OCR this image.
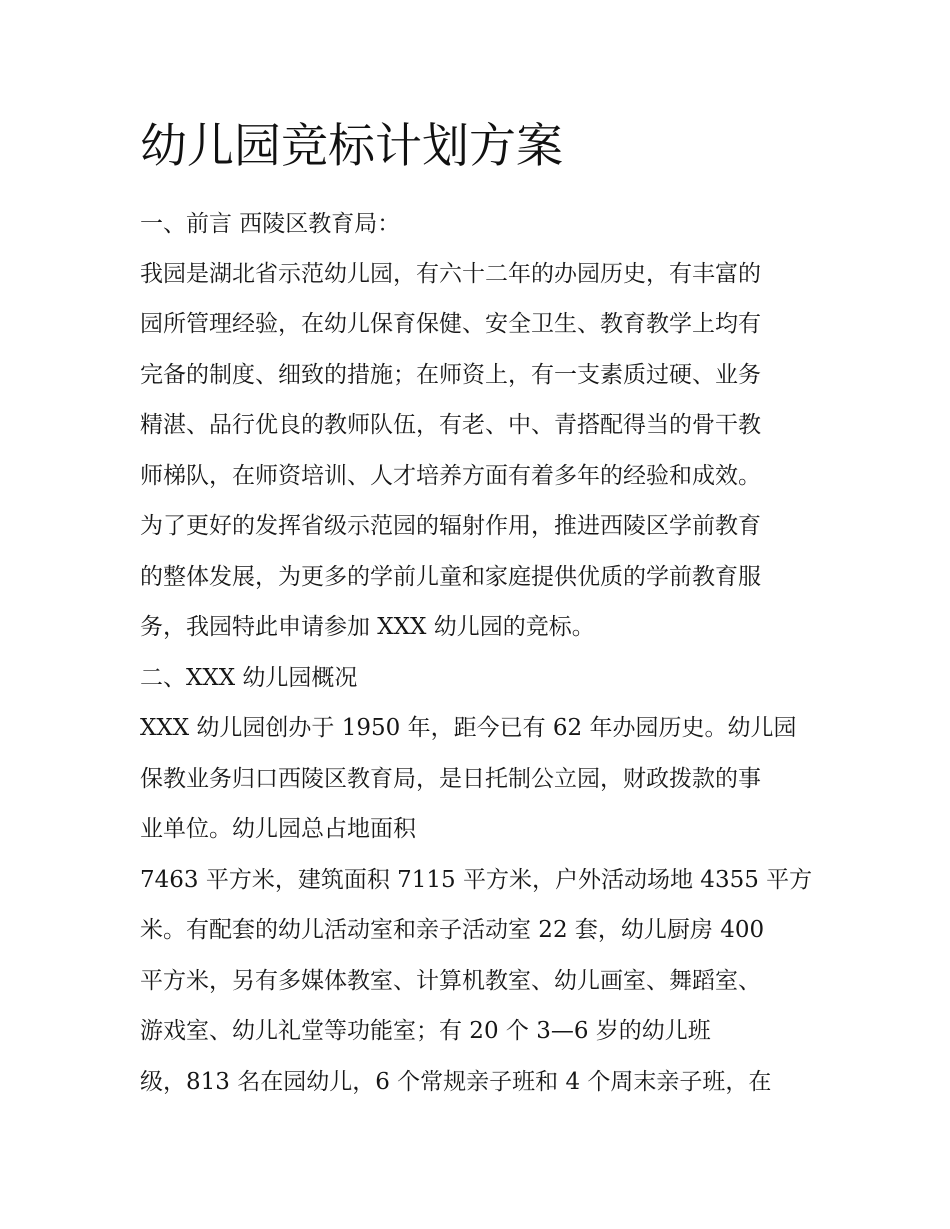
幼儿园竞标计划方案

一、前言 西陵区教育局：

我园是湖北省示范幼儿园，有六十二年的办园历史，有丰富的

园所管理经验，在幼儿保育保健、安全卫生、教育教学上均有

完备的制度、细致的措施；在师资上，有一支素质过硬、业务

精湛、品行优良的教师队伍，有老、中、青搭配得当的骨干教

师梯队，在师资培训、人才培养方面有着多年的经验和成效。

为了更好的发挥省级示范园的辐射作用，推进西陵区学前教育

的整体发展，为更多的学前儿童和家庭提供优质的学前教育服

务，我园特此申请参加 XXX 幼儿园的竞标。

二、XXX 幼儿园概况

XXX 幼儿园创办于 1950 年，距今已有 62 年办园历史。幼儿园

保教业务归口西陵区教育局，是日托制公立园，财政拨款的事

业单位。幼儿园总占地面积

7463 平方米，建筑面积 7115 平方米，户外活动场地 4355 平方

米。有配套的幼儿活动室和亲子活动室 22 套，幼儿厨房 400

平方米，另有多媒体教室、计算机教室、幼儿画室、舞蹈室、

游戏室、幼儿礼堂等功能室；有 20 个 3—6 岁的幼儿班

级，813 名在园幼儿，6 个常规亲子班和 4 个周末亲子班，在
